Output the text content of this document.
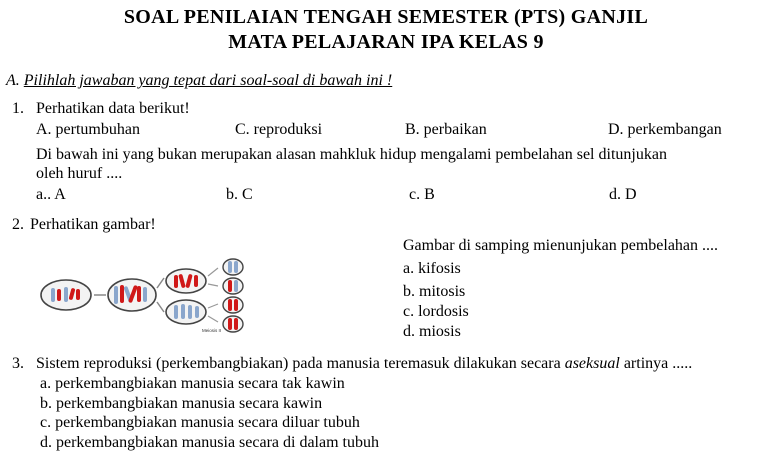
SOAL PENILAIAN TENGAH SEMESTER (PTS) GANJIL
MATA PELAJARAN IPA KELAS 9
A. Pilihlah jawaban yang tepat dari soal-soal di bawah ini !
1. Perhatikan data berikut!
A. pertumbuhan	C. reproduksi	B. perbaikan	D. perkembangan
Di bawah ini yang bukan merupakan alasan mahkluk hidup mengalami pembelahan sel ditunjukan
oleh huruf ....
a.. A	b. C	c. B	d. D
2. Perhatikan gambar!
Gambar di samping mienunjukan pembelahan ....
a. kifosis
b. mitosis
c. lordosis
d. miosis
Meiosis II
3. Sistem reproduksi (perkembangbiakan) pada manusia teremasuk dilakukan secara aseksual artinya .....
a. perkembangbiakan manusia secara tak kawin
b. perkembangbiakan manusia secara kawin
c. perkembangbiakan manusia secara diluar tubuh
d. perkembangbiakan manusia secara di dalam tubuh
